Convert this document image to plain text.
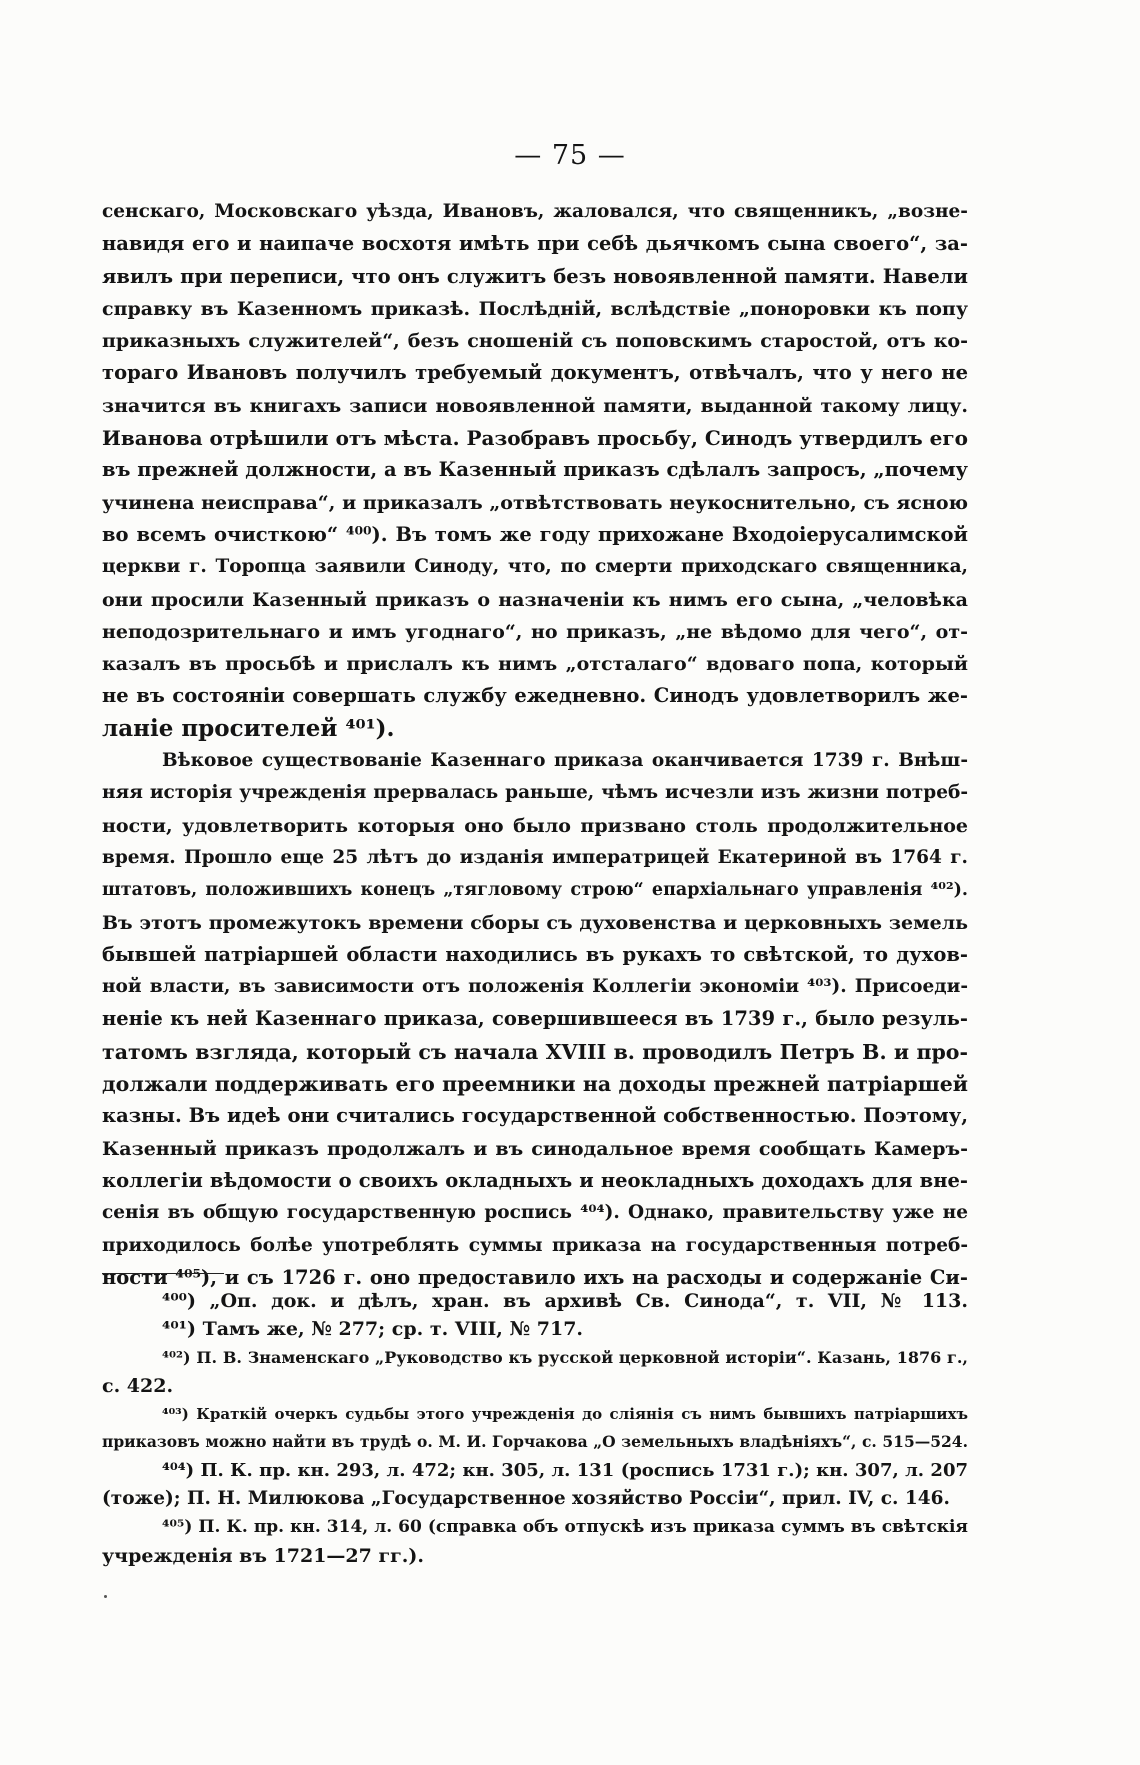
— 75 —
сенскаго, Московскаго уѣзда, Ивановъ, жаловался, что священникъ, „возне-
навидя его и наипаче восхотя имѣть при себѣ дьячкомъ сына своего“, за-
явилъ при переписи, что онъ служитъ безъ новоявленной памяти. Навели
справку въ Казенномъ приказѣ. Послѣдній, вслѣдствіе „поноровки къ попу
приказныхъ служителей“, безъ сношеній съ поповскимъ старостой, отъ ко-
тораго Ивановъ получилъ требуемый документъ, отвѣчалъ, что у него не
значится въ книгахъ записи новоявленной памяти, выданной такому лицу.
Иванова отрѣшили отъ мѣста. Разобравъ просьбу, Синодъ утвердилъ его
въ прежней должности, а въ Казенный приказъ сдѣлалъ запросъ, „почему
учинена неисправа“, и приказалъ „отвѣтствовать неукоснительно, съ ясною
во всемъ очисткою“ ⁴⁰⁰). Въ томъ же году прихожане Входоіерусалимской
церкви г. Торопца заявили Синоду, что, по смерти приходскаго священника,
они просили Казенный приказъ о назначеніи къ нимъ его сына, „человѣка
неподозрительнаго и имъ угоднаго“, но приказъ, „не вѣдомо для чего“, от-
казалъ въ просьбѣ и прислалъ къ нимъ „отсталаго“ вдоваго попа, который
не въ состояніи совершать службу ежедневно. Синодъ удовлетворилъ же-
ланіе просителей ⁴⁰¹).
Вѣковое существованіе Казеннаго приказа оканчивается 1739 г. Внѣш-
няя исторія учрежденія прервалась раньше, чѣмъ исчезли изъ жизни потреб-
ности, удовлетворить которыя оно было призвано столь продолжительное
время. Прошло еще 25 лѣтъ до изданія императрицей Екатериной въ 1764 г.
штатовъ, положившихъ конецъ „тягловому строю“ епархіальнаго управленія ⁴⁰²).
Въ этотъ промежутокъ времени сборы съ духовенства и церковныхъ земель
бывшей патріаршей области находились въ рукахъ то свѣтской, то духов-
ной власти, въ зависимости отъ положенія Коллегіи экономіи ⁴⁰³). Присоеди-
неніе къ ней Казеннаго приказа, совершившееся въ 1739 г., было резуль-
татомъ взгляда, который съ начала XVIII в. проводилъ Петръ В. и про-
должали поддерживать его преемники на доходы прежней патріаршей
казны. Въ идеѣ они считались государственной собственностью. Поэтому,
Казенный приказъ продолжалъ и въ синодальное время сообщать Камеръ-
коллегіи вѣдомости о своихъ окладныхъ и неокладныхъ доходахъ для вне-
сенія въ общую государственную роспись ⁴⁰⁴). Однако, правительству уже не
приходилось болѣе употреблять суммы приказа на государственныя потреб-
ности ⁴⁰⁵), и съ 1726 г. оно предоставило ихъ на расходы и содержаніе Си-
⁴⁰⁰) „Оп. док. и дѣлъ, хран. въ архивѣ Св. Синода“, т. VII, № 113.
⁴⁰¹) Тамъ же, № 277; ср. т. VIII, № 717.
⁴⁰²) П. В. Знаменскаго „Руководство къ русской церковной исторіи“. Казань, 1876 г.,
с. 422.
⁴⁰³) Краткій очеркъ судьбы этого учрежденія до сліянія съ нимъ бывшихъ патріаршихъ
приказовъ можно найти въ трудѣ о. М. И. Горчакова „О земельныхъ владѣніяхъ“, с. 515—524.
⁴⁰⁴) П. К. пр. кн. 293, л. 472; кн. 305, л. 131 (роспись 1731 г.); кн. 307, л. 207
(тоже); П. Н. Милюкова „Государственное хозяйство Россіи“, прил. IV, с. 146.
⁴⁰⁵) П. К. пр. кн. 314, л. 60 (справка объ отпускѣ изъ приказа суммъ въ свѣтскія
учрежденія въ 1721—27 гг.).
